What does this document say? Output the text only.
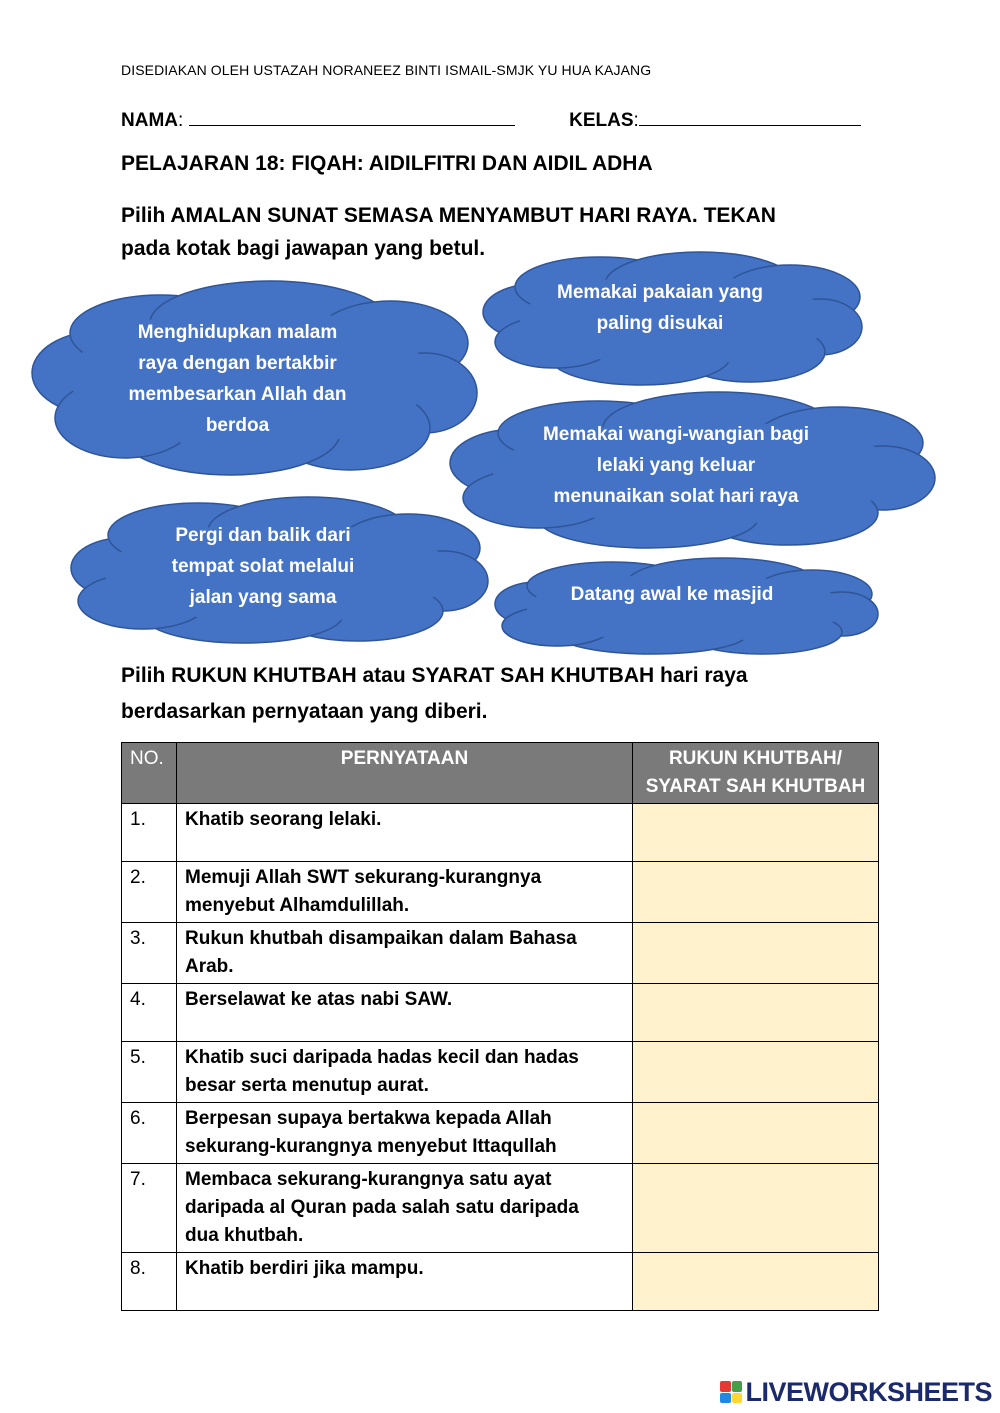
DISEDIAKAN OLEH USTAZAH NORANEEZ BINTI ISMAIL-SMJK YU HUA KAJANG
NAMA:	KELAS:
PELAJARAN 18: FIQAH: AIDILFITRI DAN AIDIL ADHA
Pilih AMALAN SUNAT SEMASA MENYAMBUT HARI RAYA. TEKAN
pada kotak bagi jawapan yang betul.
Menghidupkan malam
raya dengan bertakbir
membesarkan Allah dan
berdoa
Memakai pakaian yang
paling disukai
Memakai wangi-wangian bagi
lelaki yang keluar
menunaikan solat hari raya
Pergi dan balik dari
tempat solat melalui
jalan yang sama	Datang awal ke masjid
Pilih RUKUN KHUTBAH atau SYARAT SAH KHUTBAH hari raya
berdasarkan pernyataan yang diberi.
NO.	PERNYATAAN	RUKUN KHUTBAH/
SYARAT SAH KHUTBAH

1.	Khatib seorang lelaki.	

2.	Memuji Allah SWT sekurang-kurangnya
menyebut Alhamdulillah.	

3.	Rukun khutbah disampaikan dalam Bahasa
Arab.	

4.	Berselawat ke atas nabi SAW.	

5.	Khatib suci daripada hadas kecil dan hadas
besar serta menutup aurat.	

6.	Berpesan supaya bertakwa kepada Allah
sekurang-kurangnya menyebut Ittaqullah	

7.	Membaca sekurang-kurangnya satu ayat
daripada al Quran pada salah satu daripada
dua khutbah.	

8.	Khatib berdiri jika mampu.	

LIVEWORKSHEETS
